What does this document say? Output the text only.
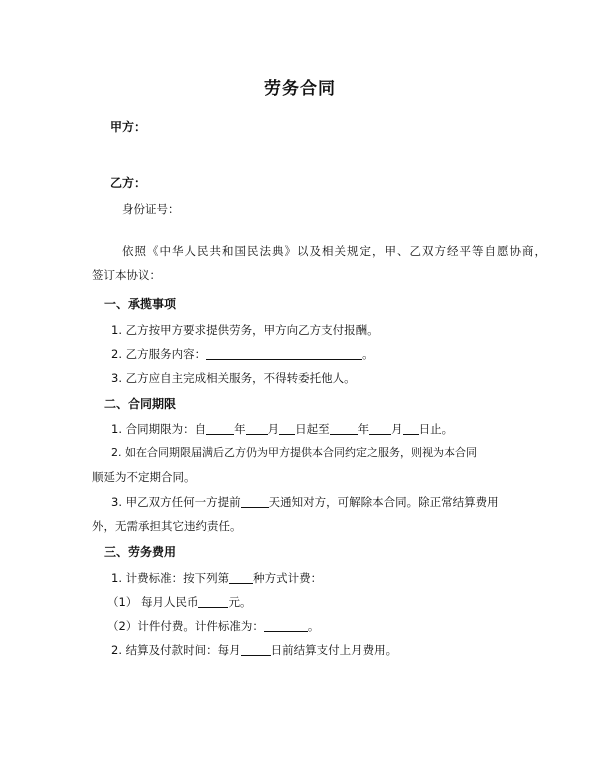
劳务合同
甲方：
乙方：
身份证号：
依照《中华人民共和国民法典》以及相关规定，甲、乙双方经平等自愿协商，
签订本协议：
一、承揽事项
1. 乙方按甲方要求提供劳务，甲方向乙方支付报酬。
2. 乙方服务内容：	。
3. 乙方应自主完成相关服务，不得转委托他人。
二、合同期限
1. 合同期限为：自 年 月 日起至 年 月 日止。
2. 如在合同期限届满后乙方仍为甲方提供本合同约定之服务，则视为本合同
顺延为不定期合同。
3. 甲乙双方任何一方提前 天通知对方，可解除本合同。除正常结算费用
外，无需承担其它违约责任。
三、劳务费用
1. 计费标准：按下列第 种方式计费：
（1） 每月人民币	元。
（2）计件付费。计件标准为：	。
2. 结算及付款时间：每月	日前结算支付上月费用。
